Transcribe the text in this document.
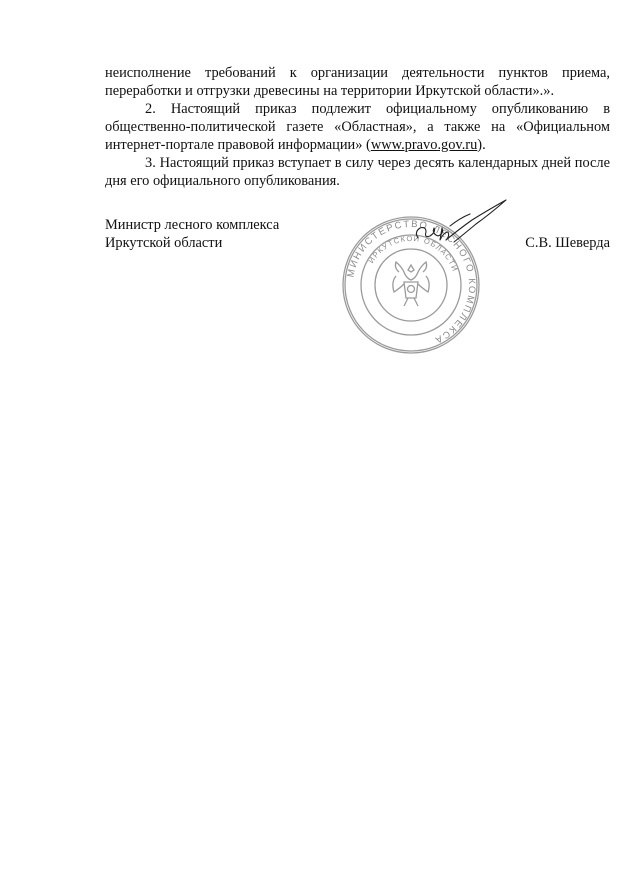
неисполнение требований к организации деятельности пунктов приема, переработки и отгрузки древесины на территории Иркутской области».».

2. Настоящий приказ подлежит официальному опубликованию в общественно-политической газете «Областная», а также на «Официальном интернет-портале правовой информации» (www.pravo.gov.ru).

3. Настоящий приказ вступает в силу через десять календарных дней после дня его официального опубликования.

Министр лесного комплекса
Иркутской области
МИНИСТЕРСТВО ЛЕСНОГО КОМПЛЕКСА
ИРКУТСКОЙ ОБЛАСТИ
С.В. Шеверда
